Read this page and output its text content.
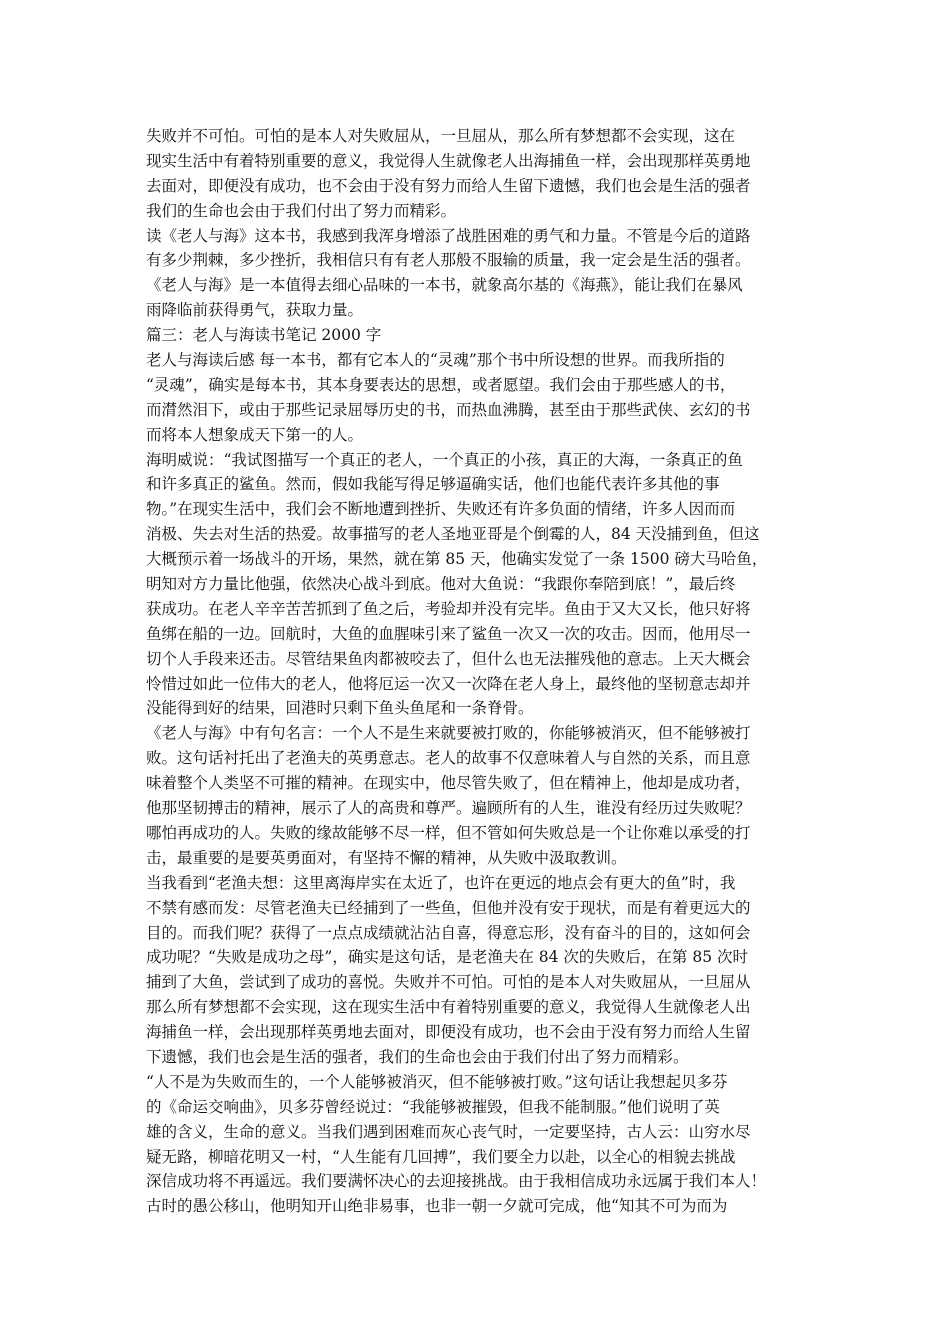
失败并不可怕。可怕的是本人对失败屈从，一旦屈从，那么所有梦想都不会实现，这在
现实生活中有着特别重要的意义，我觉得人生就像老人出海捕鱼一样，会出现那样英勇地
去面对，即便没有成功，也不会由于没有努力而给人生留下遗憾，我们也会是生活的强者
我们的生命也会由于我们付出了努力而精彩。
读《老人与海》这本书，我感到我浑身增添了战胜困难的勇气和力量。不管是今后的道路
有多少荆棘，多少挫折，我相信只有有老人那般不服输的质量，我一定会是生活的强者。
《老人与海》是一本值得去细心品味的一本书，就象高尔基的《海燕》，能让我们在暴风
雨降临前获得勇气，获取力量。
篇三：老人与海读书笔记 2000 字
老人与海读后感 每一本书，都有它本人的“灵魂”那个书中所设想的世界。而我所指的
“灵魂”，确实是每本书，其本身要表达的思想，或者愿望。我们会由于那些感人的书，
而潸然泪下，或由于那些记录屈辱历史的书，而热血沸腾，甚至由于那些武侠、玄幻的书
而将本人想象成天下第一的人。
海明威说：“我试图描写一个真正的老人，一个真正的小孩，真正的大海，一条真正的鱼
和许多真正的鲨鱼。然而，假如我能写得足够逼确实话，他们也能代表许多其他的事
物。”在现实生活中，我们会不断地遭到挫折、失败还有许多负面的情绪，许多人因而而
消极、失去对生活的热爱。故事描写的老人圣地亚哥是个倒霉的人，84 天没捕到鱼，但这
大概预示着一场战斗的开场，果然，就在第 85 天，他确实发觉了一条 1500 磅大马哈鱼，
明知对方力量比他强，依然决心战斗到底。他对大鱼说：“我跟你奉陪到底！”，最后终
获成功。在老人辛辛苦苦抓到了鱼之后，考验却并没有完毕。鱼由于又大又长，他只好将
鱼绑在船的一边。回航时，大鱼的血腥味引来了鲨鱼一次又一次的攻击。因而，他用尽一
切个人手段来还击。尽管结果鱼肉都被咬去了，但什么也无法摧残他的意志。上天大概会
怜惜过如此一位伟大的老人，他将厄运一次又一次降在老人身上，最终他的坚韧意志却并
没能得到好的结果，回港时只剩下鱼头鱼尾和一条脊骨。
《老人与海》中有句名言：一个人不是生来就要被打败的，你能够被消灭，但不能够被打
败。这句话衬托出了老渔夫的英勇意志。老人的故事不仅意味着人与自然的关系，而且意
味着整个人类坚不可摧的精神。在现实中，他尽管失败了，但在精神上，他却是成功者，
他那坚韧搏击的精神，展示了人的高贵和尊严。遍顾所有的人生，谁没有经历过失败呢？
哪怕再成功的人。失败的缘故能够不尽一样，但不管如何失败总是一个让你难以承受的打
击，最重要的是要英勇面对，有坚持不懈的精神，从失败中汲取教训。
当我看到“老渔夫想：这里离海岸实在太近了，也许在更远的地点会有更大的鱼”时，我
不禁有感而发：尽管老渔夫已经捕到了一些鱼，但他并没有安于现状，而是有着更远大的
目的。而我们呢？获得了一点点成绩就沾沾自喜，得意忘形，没有奋斗的目的，这如何会
成功呢？“失败是成功之母”，确实是这句话，是老渔夫在 84 次的失败后，在第 85 次时
捕到了大鱼，尝试到了成功的喜悦。失败并不可怕。可怕的是本人对失败屈从，一旦屈从
那么所有梦想都不会实现，这在现实生活中有着特别重要的意义，我觉得人生就像老人出
海捕鱼一样，会出现那样英勇地去面对，即便没有成功，也不会由于没有努力而给人生留
下遗憾，我们也会是生活的强者，我们的生命也会由于我们付出了努力而精彩。
“人不是为失败而生的，一个人能够被消灭，但不能够被打败。”这句话让我想起贝多芬
的《命运交响曲》，贝多芬曾经说过：“我能够被摧毁，但我不能制服。”他们说明了英
雄的含义，生命的意义。当我们遇到困难而灰心丧气时，一定要坚持，古人云：山穷水尽
疑无路，柳暗花明又一村，“人生能有几回搏”，我们要全力以赴，以全心的相貌去挑战
深信成功将不再遥远。我们要满怀决心的去迎接挑战。由于我相信成功永远属于我们本人！
古时的愚公移山，他明知开山绝非易事，也非一朝一夕就可完成，他“知其不可为而为
